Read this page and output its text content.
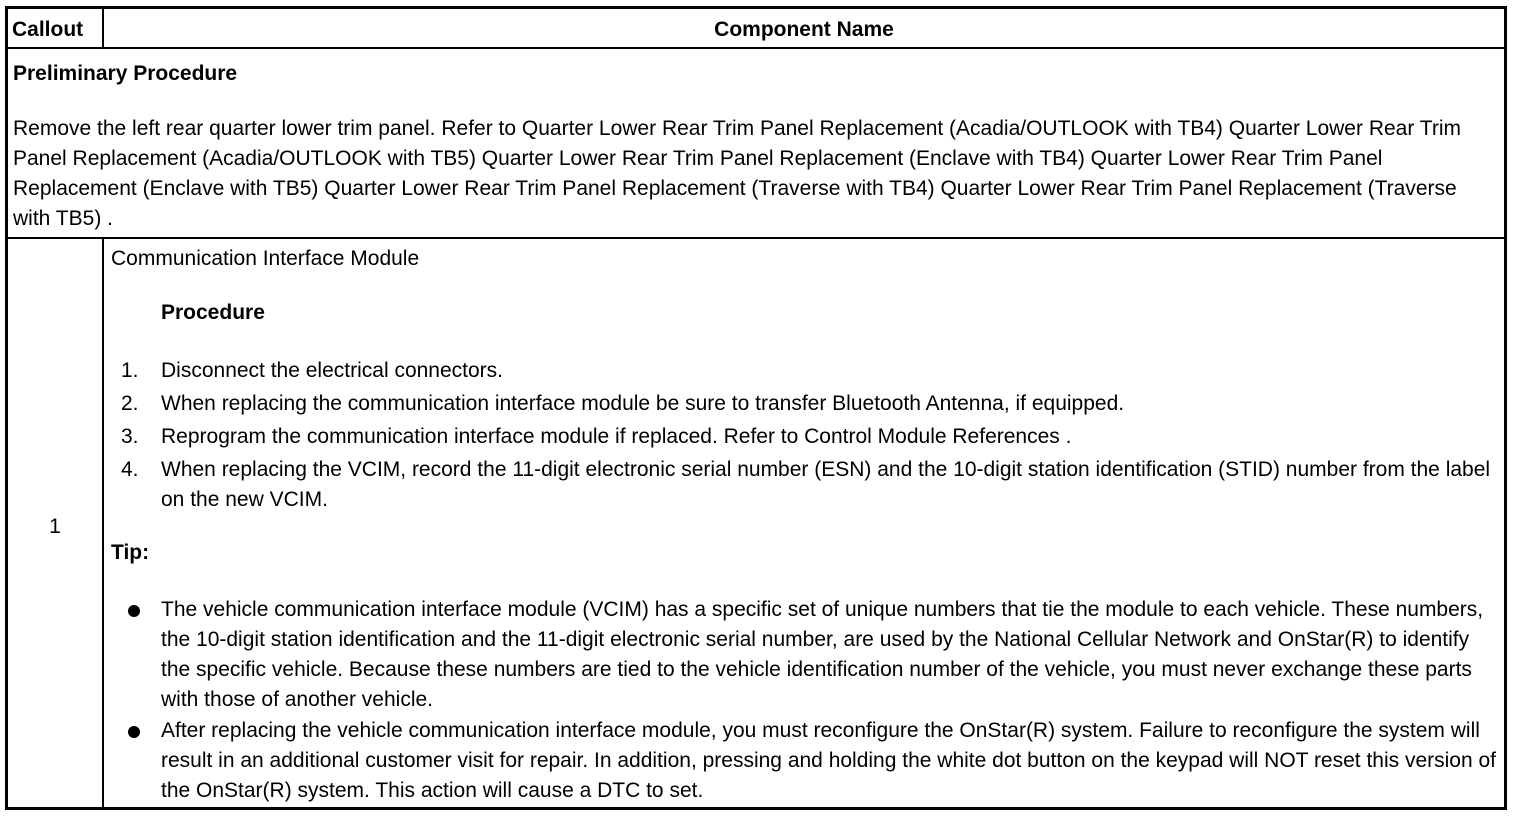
Callout	Component Name
Preliminary Procedure
Remove the left rear quarter lower trim panel. Refer to Quarter Lower Rear Trim Panel Replacement (Acadia/OUTLOOK with TB4) Quarter Lower Rear Trim Panel Replacement (Acadia/OUTLOOK with TB5) Quarter Lower Rear Trim Panel Replacement (Enclave with TB4) Quarter Lower Rear Trim Panel Replacement (Enclave with TB5) Quarter Lower Rear Trim Panel Replacement (Traverse with TB4) Quarter Lower Rear Trim Panel Replacement (Traverse with TB5) .
1
Communication Interface Module
Procedure
1. Disconnect the electrical connectors.
2. When replacing the communication interface module be sure to transfer Bluetooth Antenna, if equipped.
3. Reprogram the communication interface module if replaced. Refer to Control Module References .
4. When replacing the VCIM, record the 11-digit electronic serial number (ESN) and the 10-digit station identification (STID) number from the label on the new VCIM.
Tip:
The vehicle communication interface module (VCIM) has a specific set of unique numbers that tie the module to each vehicle. These numbers, the 10-digit station identification and the 11-digit electronic serial number, are used by the National Cellular Network and OnStar(R) to identify the specific vehicle. Because these numbers are tied to the vehicle identification number of the vehicle, you must never exchange these parts with those of another vehicle.
After replacing the vehicle communication interface module, you must reconfigure the OnStar(R) system. Failure to reconfigure the system will result in an additional customer visit for repair. In addition, pressing and holding the white dot button on the keypad will NOT reset this version of the OnStar(R) system. This action will cause a DTC to set.
